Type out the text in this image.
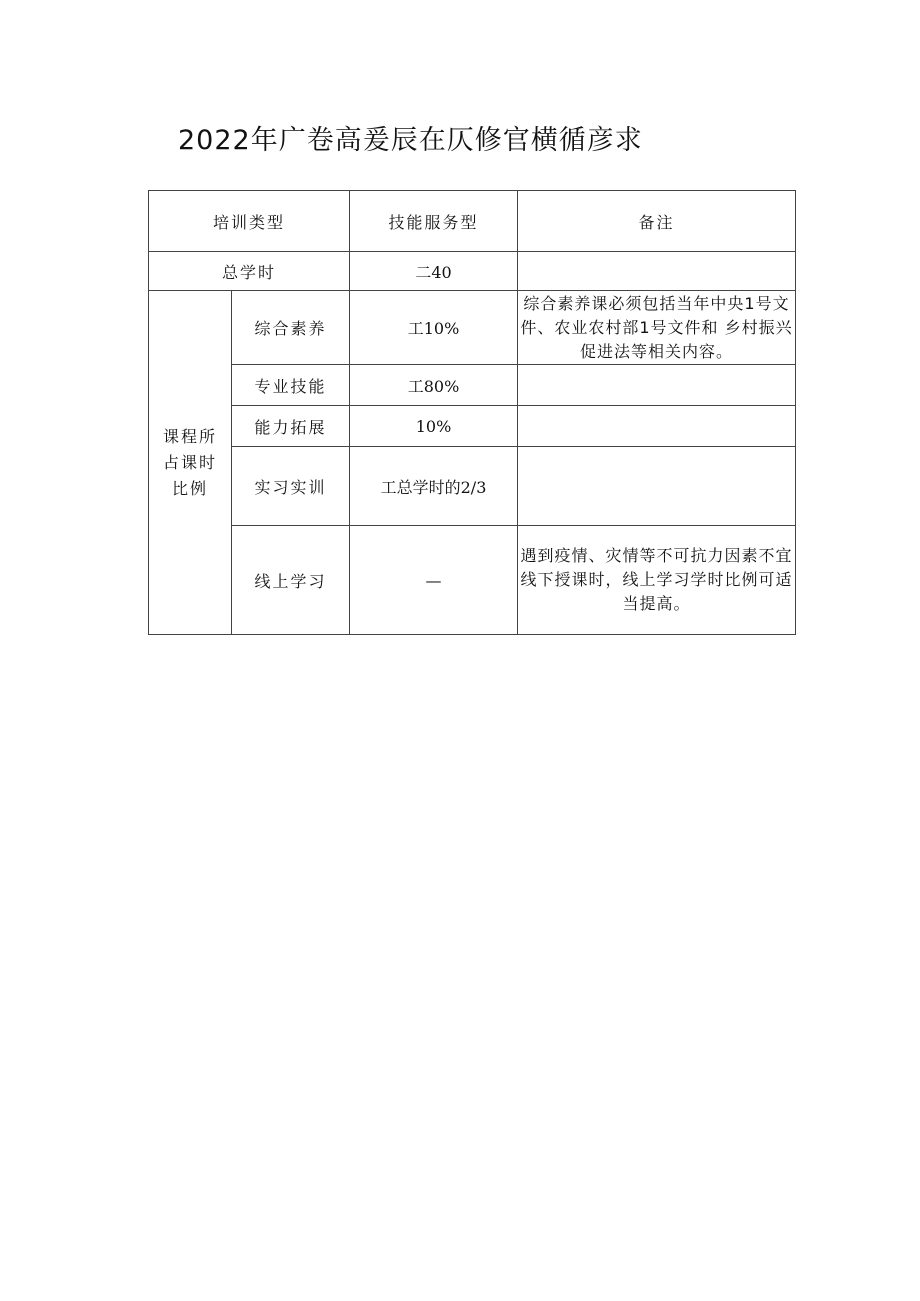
2022年广卷高爰辰在仄修官横循彦求
培训类型		技能服务型	备注
总学时		二40	
课程所
占课时
比例	综合素养	工10%	综合素养课必须包括当年中央1号文件、农业农村部1号文件和 乡村振兴促进法等相关内容。
	专业技能	工80%	
	能力拓展	10%	
	实习实训	工总学时的2/3	
	线上学习	—	遇到疫情、灾情等不可抗力因素不宜线下授课时，线上学习学时比例可适当提高。
